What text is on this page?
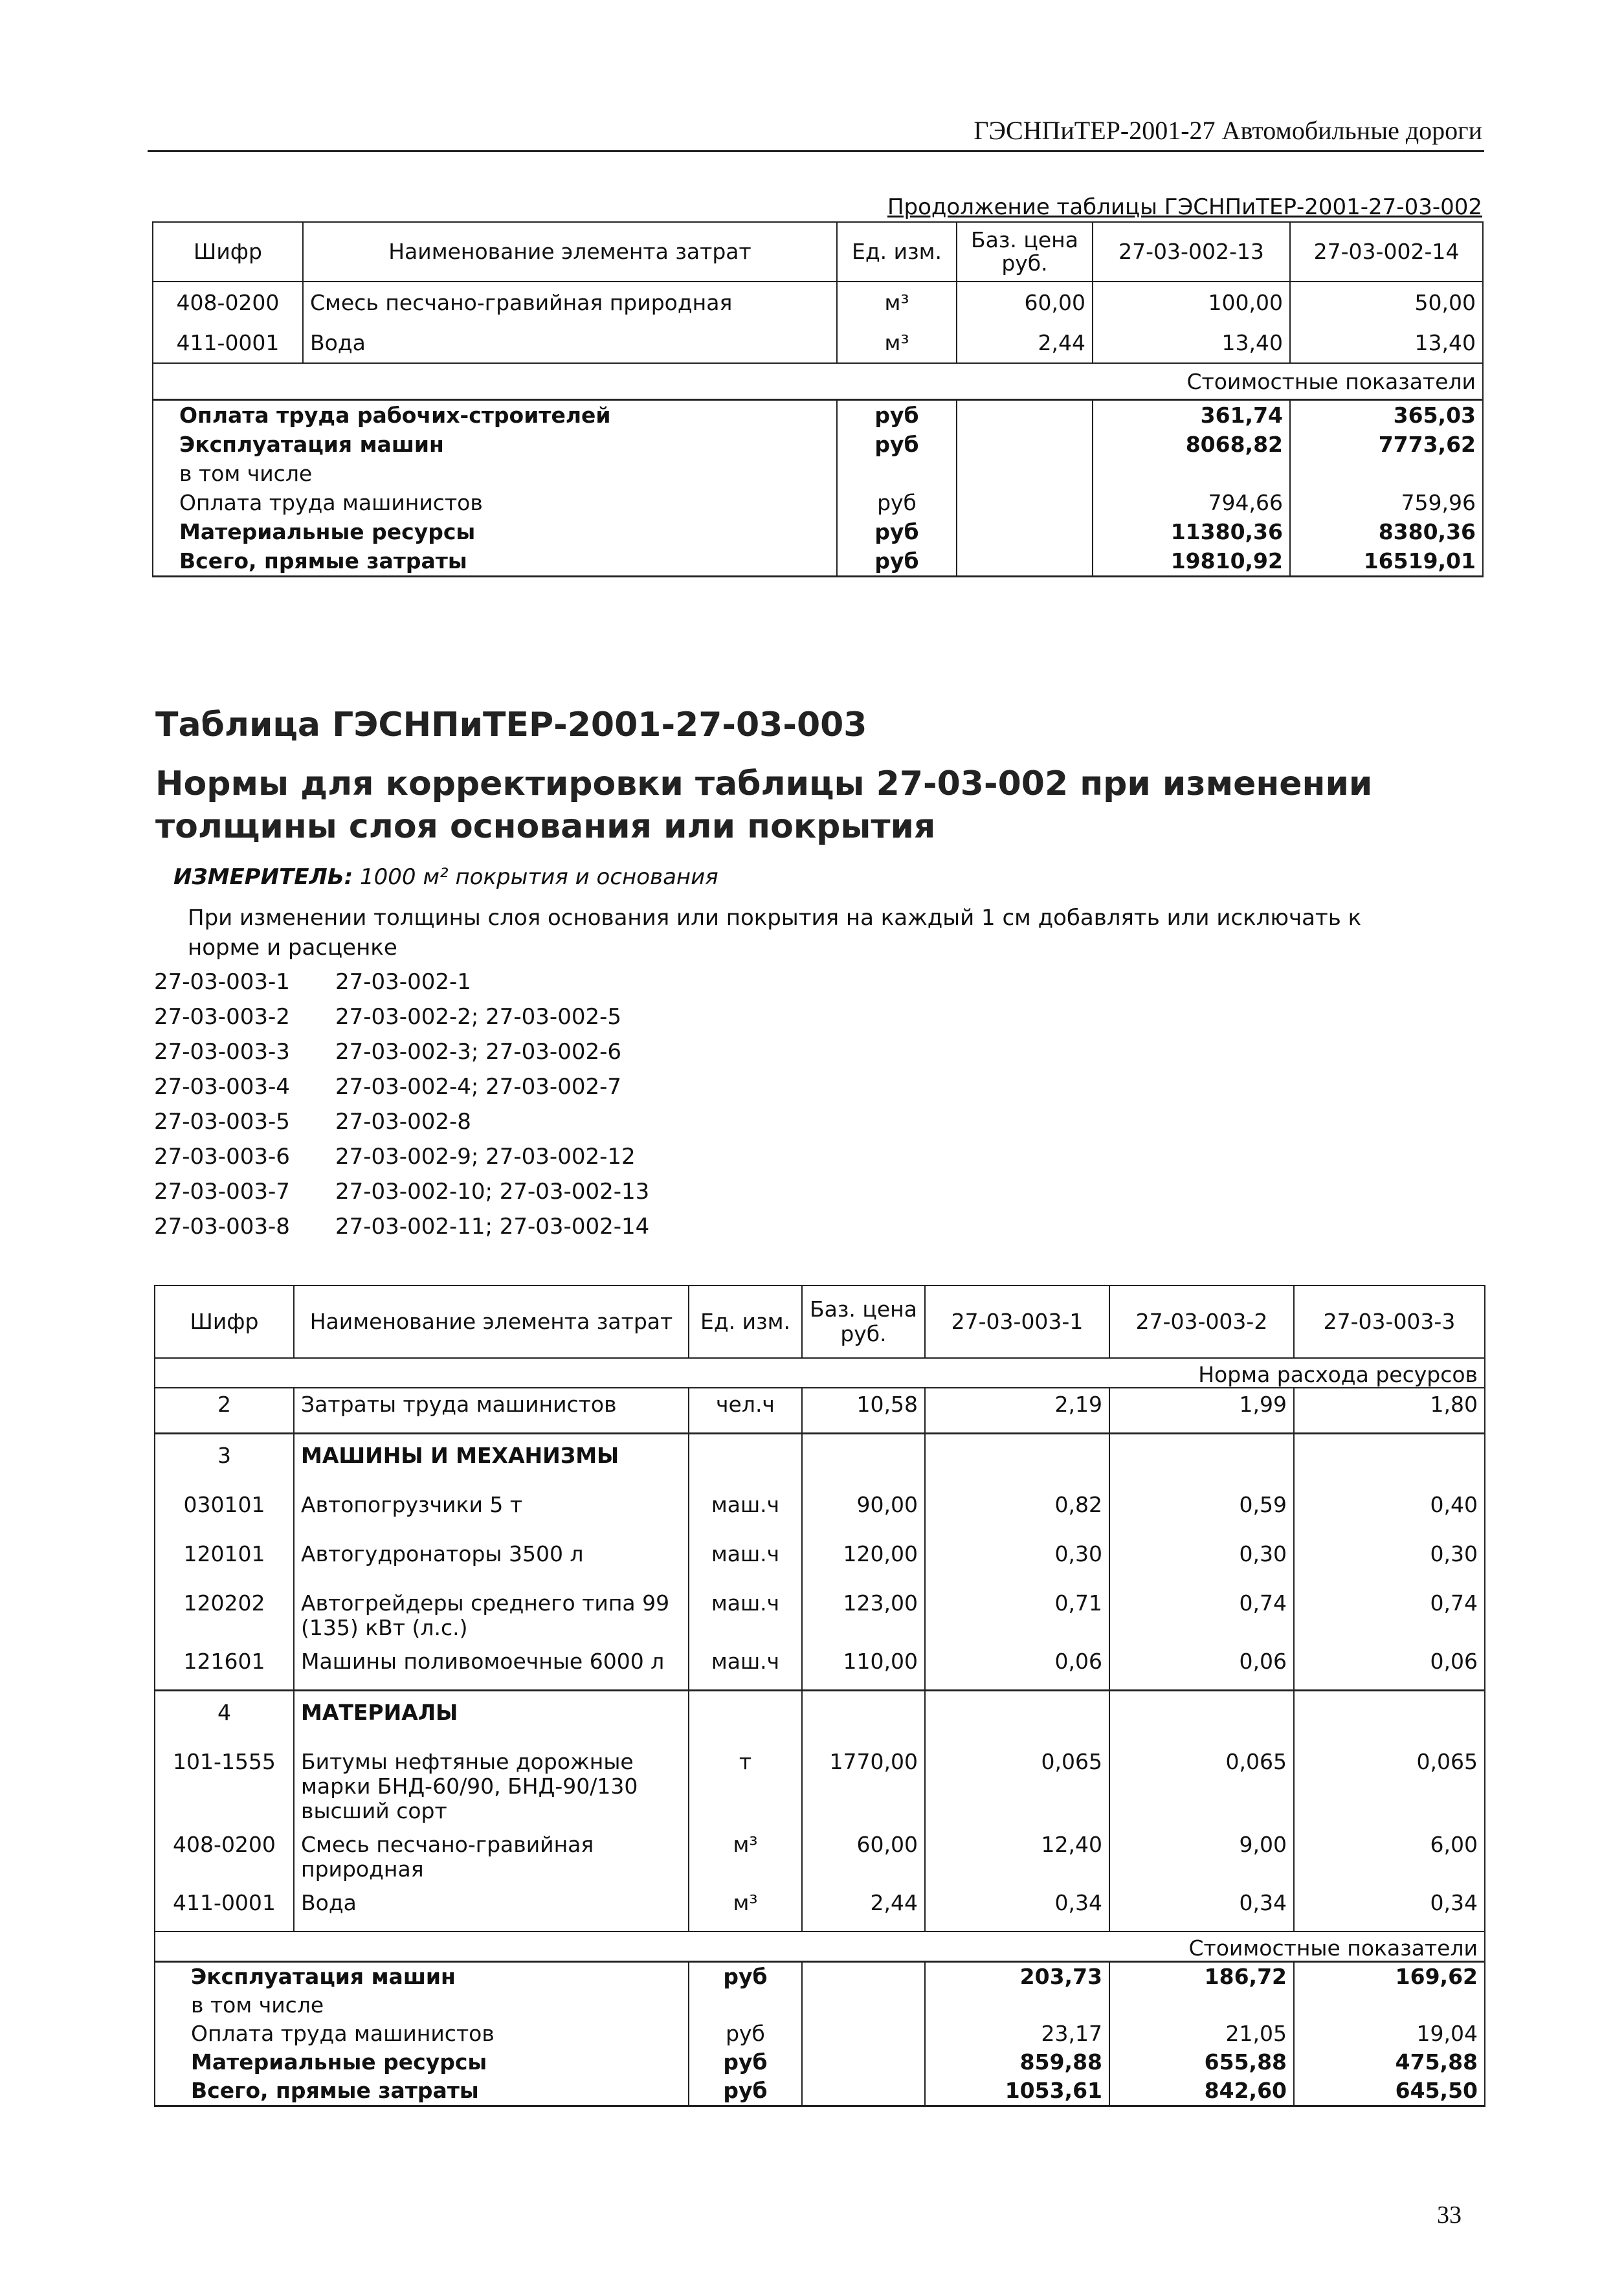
ГЭСНПиТЕР-2001-27 Автомобильные дороги
Продолжение таблицы ГЭСНПиТЕР-2001-27-03-002
Шифр	Наименование элемента затрат	Ед. изм.	Баз. цена руб.	27-03-002-13	27-03-002-14
408-0200	Смесь песчано-гравийная природная	м³	60,00	100,00	50,00
411-0001	Вода	м³	2,44	13,40	13,40
Стоимостные показатели					
Оплата труда рабочих-строителей		руб		361,74	365,03
Эксплуатация машин		руб		8068,82	7773,62
в том числе					
Оплата труда машинистов		руб		794,66	759,96
Материальные ресурсы		руб		11380,36	8380,36
Всего, прямые затраты		руб		19810,92	16519,01
Таблица ГЭСНПиТЕР-2001-27-03-003
Нормы для корректировки таблицы 27-03-002 при изменении толщины слоя основания или покрытия
ИЗМЕРИТЕЛЬ: 1000 м² покрытия и основания
При изменении толщины слоя основания или покрытия на каждый 1 см добавлять или исключать к норме и расценке
27-03-003-1	27-03-002-1
27-03-003-2	27-03-002-2; 27-03-002-5
27-03-003-3	27-03-002-3; 27-03-002-6
27-03-003-4	27-03-002-4; 27-03-002-7
27-03-003-5	27-03-002-8
27-03-003-6	27-03-002-9; 27-03-002-12
27-03-003-7	27-03-002-10; 27-03-002-13
27-03-003-8	27-03-002-11; 27-03-002-14
Шифр	Наименование элемента затрат	Ед. изм.	Баз. цена руб.	27-03-003-1	27-03-003-2	27-03-003-3
Норма расхода ресурсов						
2	Затраты труда машинистов	чел.ч	10,58	2,19	1,99	1,80
3	МАШИНЫ И МЕХАНИЗМЫ					
030101	Автопогрузчики 5 т	маш.ч	90,00	0,82	0,59	0,40
120101	Автогудронаторы 3500 л	маш.ч	120,00	0,30	0,30	0,30
120202	Автогрейдеры среднего типа 99 (135) кВт (л.с.)	маш.ч	123,00	0,71	0,74	0,74
121601	Машины поливомоечные 6000 л	маш.ч	110,00	0,06	0,06	0,06
4	МАТЕРИАЛЫ					
101-1555	Битумы нефтяные дорожные марки БНД-60/90, БНД-90/130 высший сорт	т	1770,00	0,065	0,065	0,065
408-0200	Смесь песчано-гравийная природная	м³	60,00	12,40	9,00	6,00
411-0001	Вода	м³	2,44	0,34	0,34	0,34
Стоимостные показатели						
Эксплуатация машин		руб		203,73	186,72	169,62
в том числе						
Оплата труда машинистов		руб		23,17	21,05	19,04
Материальные ресурсы		руб		859,88	655,88	475,88
Всего, прямые затраты		руб		1053,61	842,60	645,50
33
